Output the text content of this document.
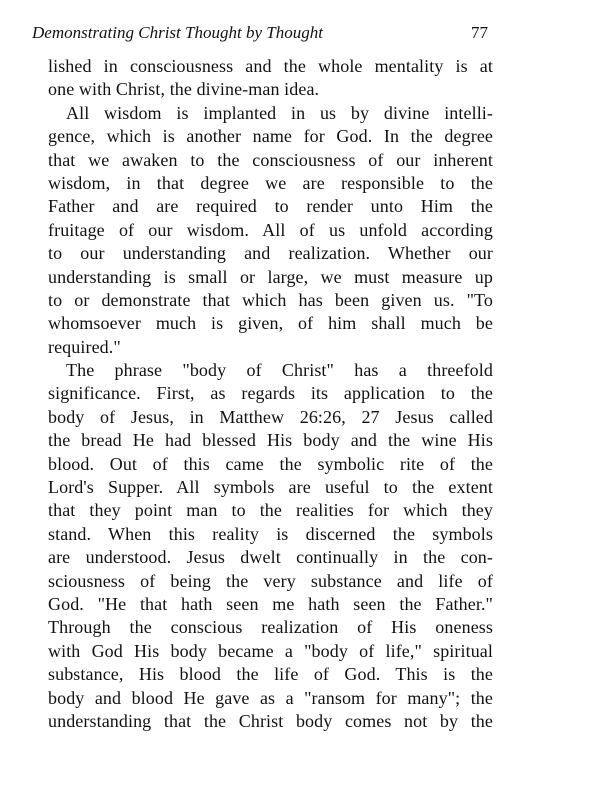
Demonstrating Christ Thought by Thought	77
lished in consciousness and the whole mentality is at
one with Christ, the divine-man idea.
All wisdom is implanted in us by divine intelli-
gence, which is another name for God. In the degree
that we awaken to the consciousness of our inherent
wisdom, in that degree we are responsible to the
Father and are required to render unto Him the
fruitage of our wisdom. All of us unfold according
to our understanding and realization. Whether our
understanding is small or large, we must measure up
to or demonstrate that which has been given us. "To
whomsoever much is given, of him shall much be
required."
The phrase "body of Christ" has a threefold
significance. First, as regards its application to the
body of Jesus, in Matthew 26:26, 27 Jesus called
the bread He had blessed His body and the wine His
blood. Out of this came the symbolic rite of the
Lord's Supper. All symbols are useful to the extent
that they point man to the realities for which they
stand. When this reality is discerned the symbols
are understood. Jesus dwelt continually in the con-
sciousness of being the very substance and life of
God. "He that hath seen me hath seen the Father."
Through the conscious realization of His oneness
with God His body became a "body of life," spiritual
substance, His blood the life of God. This is the
body and blood He gave as a "ransom for many"; the
understanding that the Christ body comes not by the
